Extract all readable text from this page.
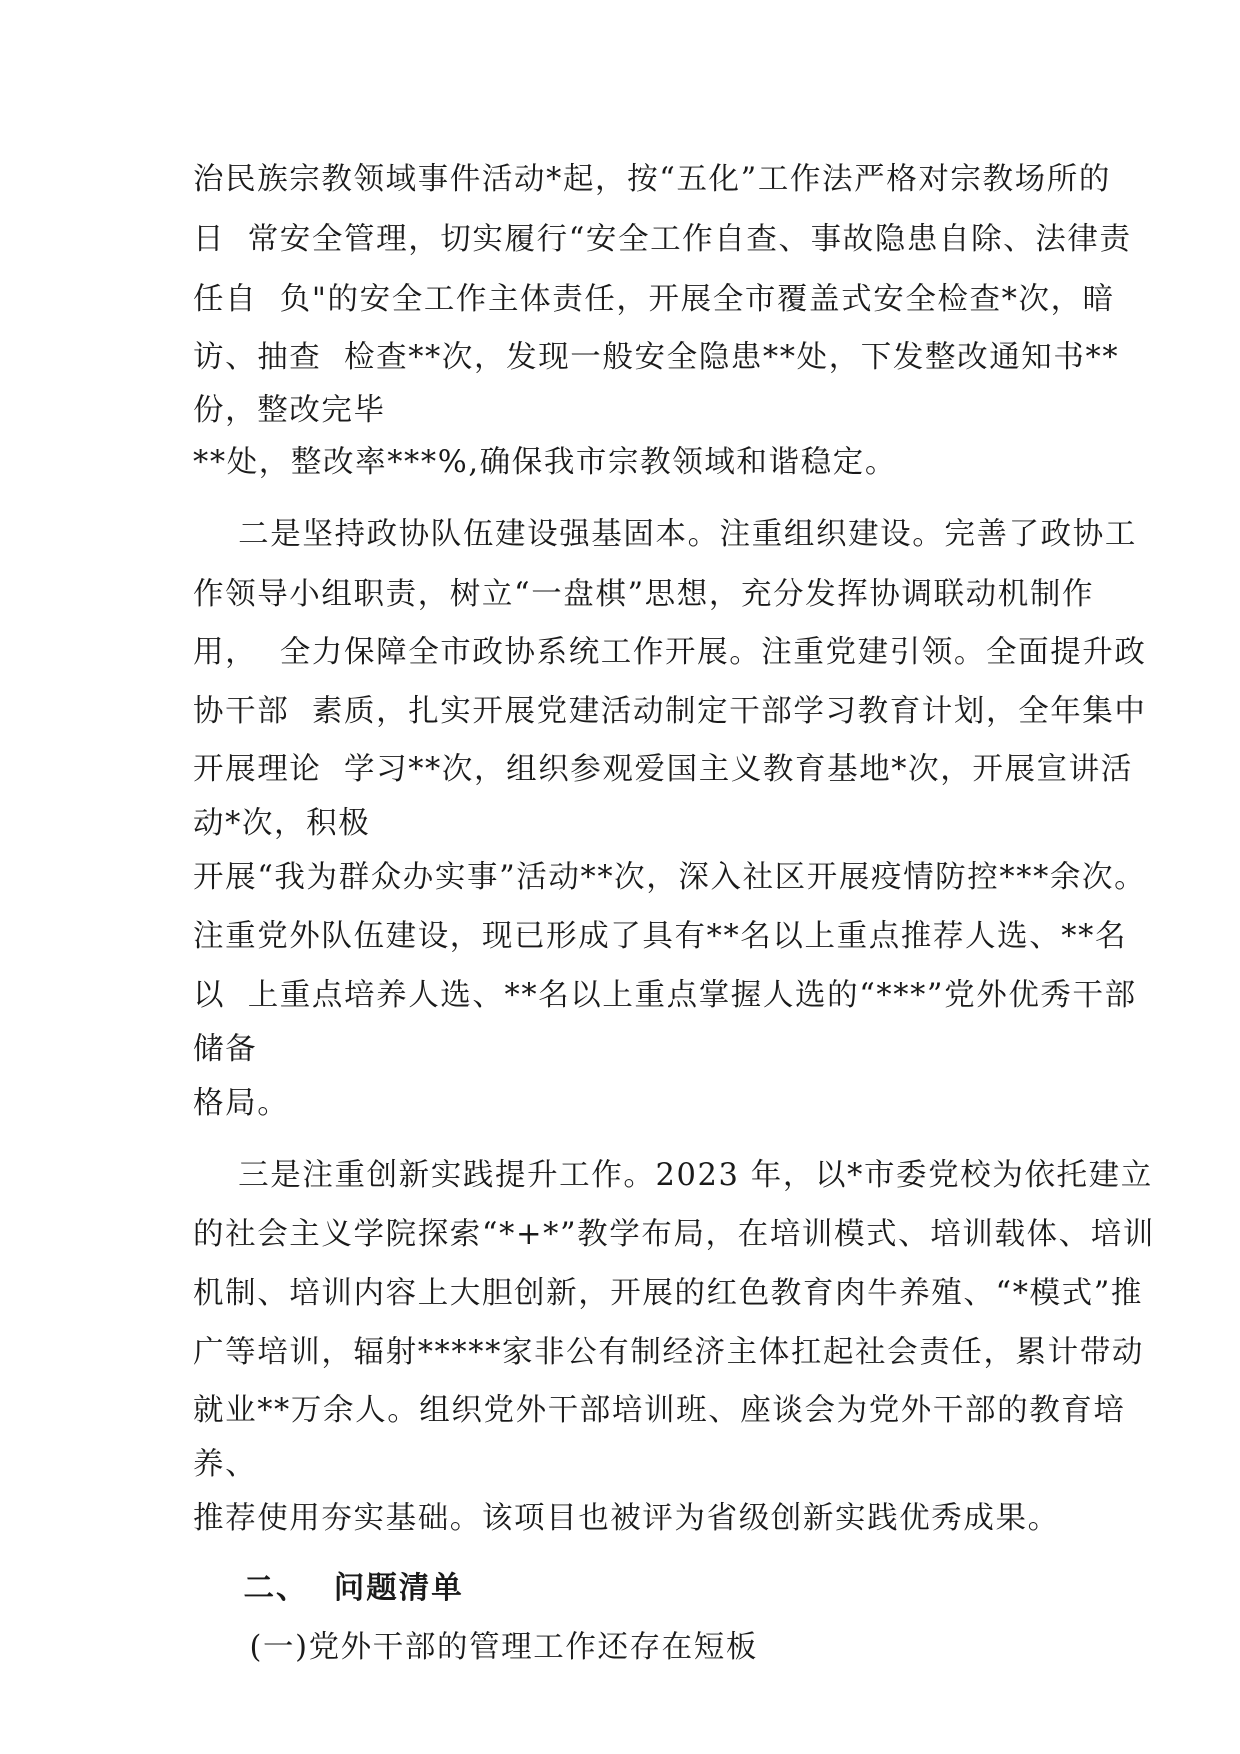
治民族宗教领域事件活动*起，按“五化”工作法严格对宗教场所的

日  常安全管理，切实履行“安全工作自查、事故隐患自除、法律责

任自  负"的安全工作主体责任，开展全市覆盖式安全检查*次，暗

访、抽查  检查**次，发现一般安全隐患**处，下发整改通知书**

份，整改完毕

**处，整改率***%,确保我市宗教领域和谐稳定。

二是坚持政协队伍建设强基固本。注重组织建设。完善了政协工

作领导小组职责，树立“一盘棋”思想，充分发挥协调联动机制作

用，  全力保障全市政协系统工作开展。注重党建引领。全面提升政

协干部  素质，扎实开展党建活动制定干部学习教育计划，全年集中

开展理论  学习**次，组织参观爱国主义教育基地*次，开展宣讲活

动*次，积极

开展“我为群众办实事”活动**次，深入社区开展疫情防控***余次。

注重党外队伍建设，现已形成了具有**名以上重点推荐人选、**名

以  上重点培养人选、**名以上重点掌握人选的“***”党外优秀干部

储备

格局。

三是注重创新实践提升工作。2023 年，以*市委党校为依托建立

的社会主义学院探索“*+*”教学布局，在培训模式、培训载体、培训

机制、培训内容上大胆创新，开展的红色教育肉牛养殖、“*模式”推

广等培训，辐射*****家非公有制经济主体扛起社会责任，累计带动

就业**万余人。组织党外干部培训班、座谈会为党外干部的教育培

养、

推荐使用夯实基础。该项目也被评为省级创新实践优秀成果。

二、  问题清单

(一)党外干部的管理工作还存在短板
